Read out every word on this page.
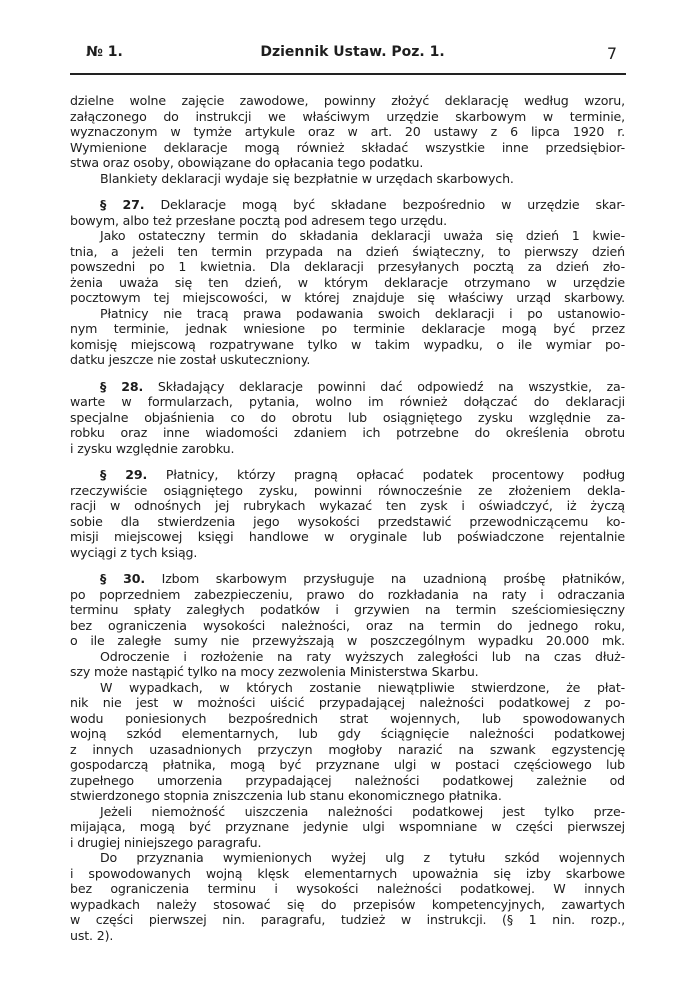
№ 1.	Dziennik Ustaw. Poz. 1.	7
dzielne wolne zajęcie zawodowe, powinny złożyć deklarację według wzoru,
załączonego do instrukcji we właściwym urzędzie skarbowym w terminie,
wyznaczonym w tymże artykule oraz w art. 20 ustawy z 6 lipca 1920 r.
Wymienione deklaracje mogą również składać wszystkie inne przedsiębior-
stwa oraz osoby, obowiązane do opłacania tego podatku.
Blankiety deklaracji wydaje się bezpłatnie w urzędach skarbowych.
§ 27. Deklaracje mogą być składane bezpośrednio w urzędzie skar-
bowym, albo też przesłane pocztą pod adresem tego urzędu.
Jako ostateczny termin do składania deklaracji uważa się dzień 1 kwie-
tnia, a jeżeli ten termin przypada na dzień świąteczny, to pierwszy dzień
powszedni po 1 kwietnia. Dla deklaracji przesyłanych pocztą za dzień zło-
żenia uważa się ten dzień, w którym deklaracje otrzymano w urzędzie
pocztowym tej miejscowości, w której znajduje się właściwy urząd skarbowy.
Płatnicy nie tracą prawa podawania swoich deklaracji i po ustanowio-
nym terminie, jednak wniesione po terminie deklaracje mogą być przez
komisję miejscową rozpatrywane tylko w takim wypadku, o ile wymiar po-
datku jeszcze nie został uskuteczniony.
§ 28. Składający deklaracje powinni dać odpowiedź na wszystkie, za-
warte w formularzach, pytania, wolno im również dołączać do deklaracji
specjalne objaśnienia co do obrotu lub osiągniętego zysku względnie za-
robku oraz inne wiadomości zdaniem ich potrzebne do określenia obrotu
i zysku względnie zarobku.
§ 29. Płatnicy, którzy pragną opłacać podatek procentowy podług
rzeczywiście osiągniętego zysku, powinni równocześnie ze złożeniem dekla-
racji w odnośnych jej rubrykach wykazać ten zysk i oświadczyć, iż życzą
sobie dla stwierdzenia jego wysokości przedstawić przewodniczącemu ko-
misji miejscowej księgi handlowe w oryginale lub poświadczone rejentalnie
wyciągi z tych ksiąg.
§ 30. Izbom skarbowym przysługuje na uzadnioną prośbę płatników,
po poprzedniem zabezpieczeniu, prawo do rozkładania na raty i odraczania
terminu spłaty zaległych podatków i grzywien na termin sześciomiesięczny
bez ograniczenia wysokości należności, oraz na termin do jednego roku,
o ile zaległe sumy nie przewyższają w poszczególnym wypadku 20.000 mk.
Odroczenie i rozłożenie na raty wyższych zaległości lub na czas dłuż-
szy może nastąpić tylko na mocy zezwolenia Ministerstwa Skarbu.
W wypadkach, w których zostanie niewątpliwie stwierdzone, że płat-
nik nie jest w możności uiścić przypadającej należności podatkowej z po-
wodu poniesionych bezpośrednich strat wojennych, lub spowodowanych
wojną szkód elementarnych, lub gdy ściągnięcie należności podatkowej
z innych uzasadnionych przyczyn mogłoby narazić na szwank egzystencję
gospodarczą płatnika, mogą być przyznane ulgi w postaci częściowego lub
zupełnego umorzenia przypadającej należności podatkowej zależnie od
stwierdzonego stopnia zniszczenia lub stanu ekonomicznego płatnika.
Jeżeli niemożność uiszczenia należności podatkowej jest tylko prze-
mijająca, mogą być przyznane jedynie ulgi wspomniane w części pierwszej
i drugiej niniejszego paragrafu.
Do przyznania wymienionych wyżej ulg z tytułu szkód wojennych
i spowodowanych wojną klęsk elementarnych upoważnia się izby skarbowe
bez ograniczenia terminu i wysokości należności podatkowej. W innych
wypadkach należy stosować się do przepisów kompetencyjnych, zawartych
w części pierwszej nin. paragrafu, tudzież w instrukcji. (§ 1 nin. rozp.,
ust. 2).
